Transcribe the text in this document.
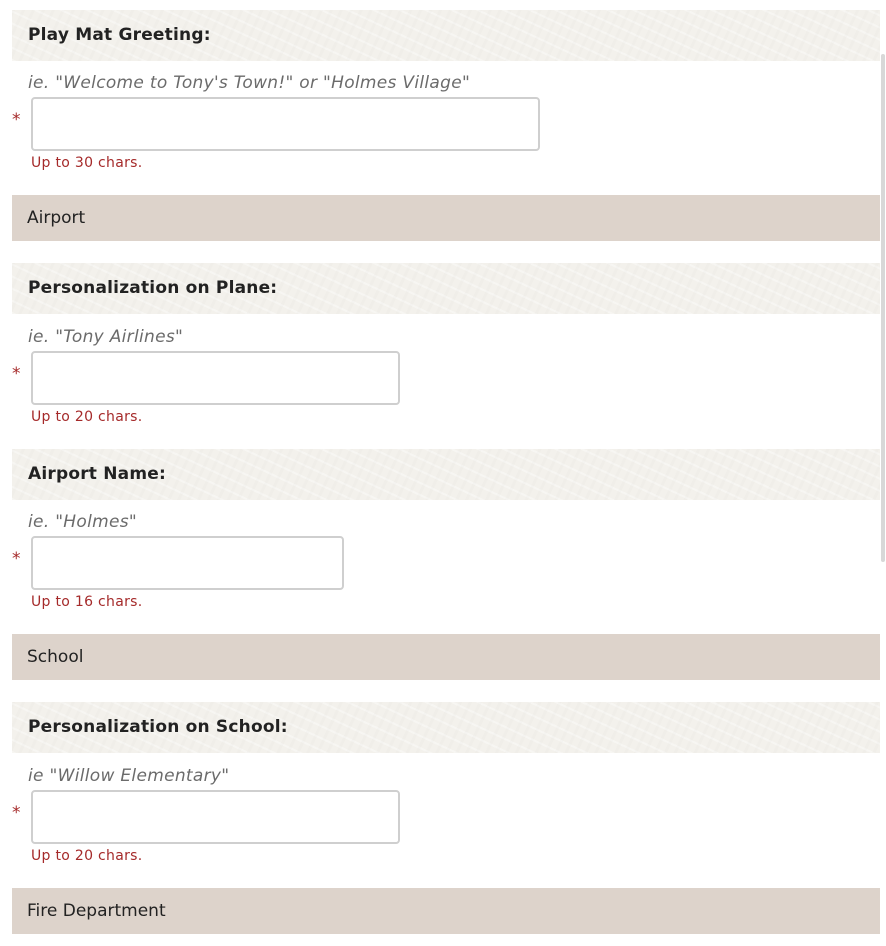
Play Mat Greeting:
ie. "Welcome to Tony's Town!" or "Holmes Village"
*
Up to 30 chars.
Airport
Personalization on Plane:
ie. "Tony Airlines"
*
Up to 20 chars.
Airport Name:
ie. "Holmes"
*
Up to 16 chars.
School
Personalization on School:
ie "Willow Elementary"
*
Up to 20 chars.
Fire Department
